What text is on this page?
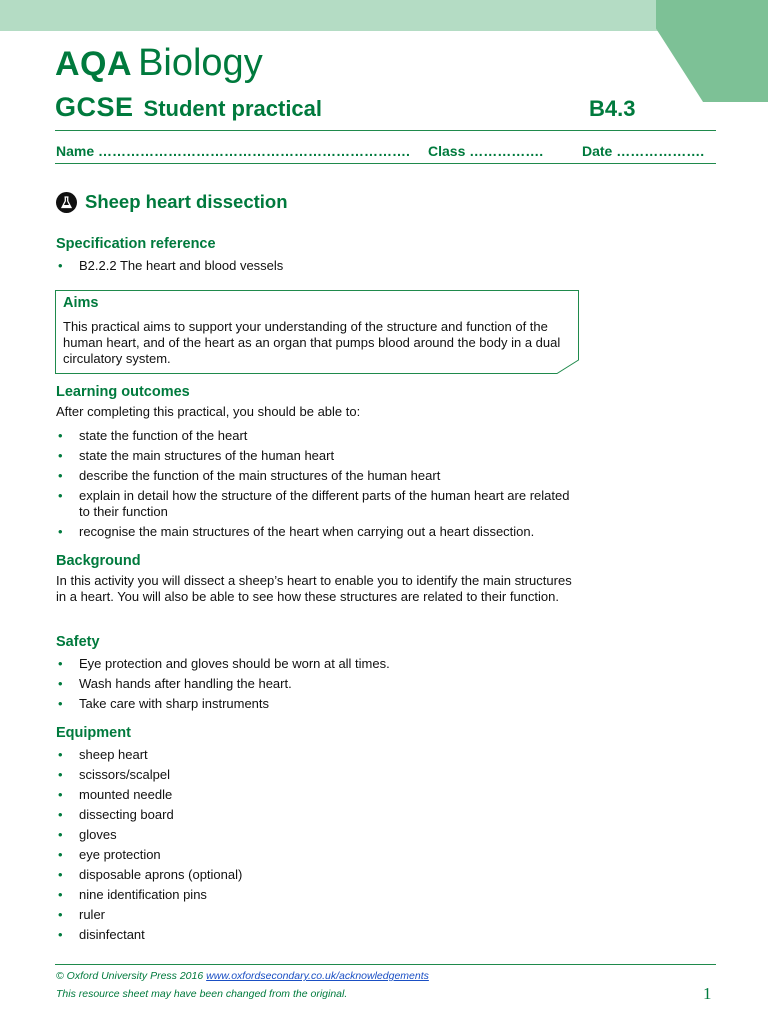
AQA Biology
GCSE Student practical	B4.3
Name …………………………………………………………. Class …………….	Date ……………….
Sheep heart dissection
Specification reference
• B2.2.2 The heart and blood vessels
Aims
This practical aims to support your understanding of the structure and function of the human heart, and of the heart as an organ that pumps blood around the body in a dual circulatory system.
Learning outcomes
After completing this practical, you should be able to:
• state the function of the heart
• state the main structures of the human heart
• describe the function of the main structures of the human heart
• explain in detail how the structure of the different parts of the human heart are related to their function
• recognise the main structures of the heart when carrying out a heart dissection.
Background
In this activity you will dissect a sheep’s heart to enable you to identify the main structures in a heart. You will also be able to see how these structures are related to their function.
Safety
• Eye protection and gloves should be worn at all times.
• Wash hands after handling the heart.
• Take care with sharp instruments
Equipment
• sheep heart
• scissors/scalpel
• mounted needle
• dissecting board
• gloves
• eye protection
• disposable aprons (optional)
• nine identification pins
• ruler
• disinfectant
© Oxford University Press 2016 www.oxfordsecondary.co.uk/acknowledgements
This resource sheet may have been changed from the original.	1
